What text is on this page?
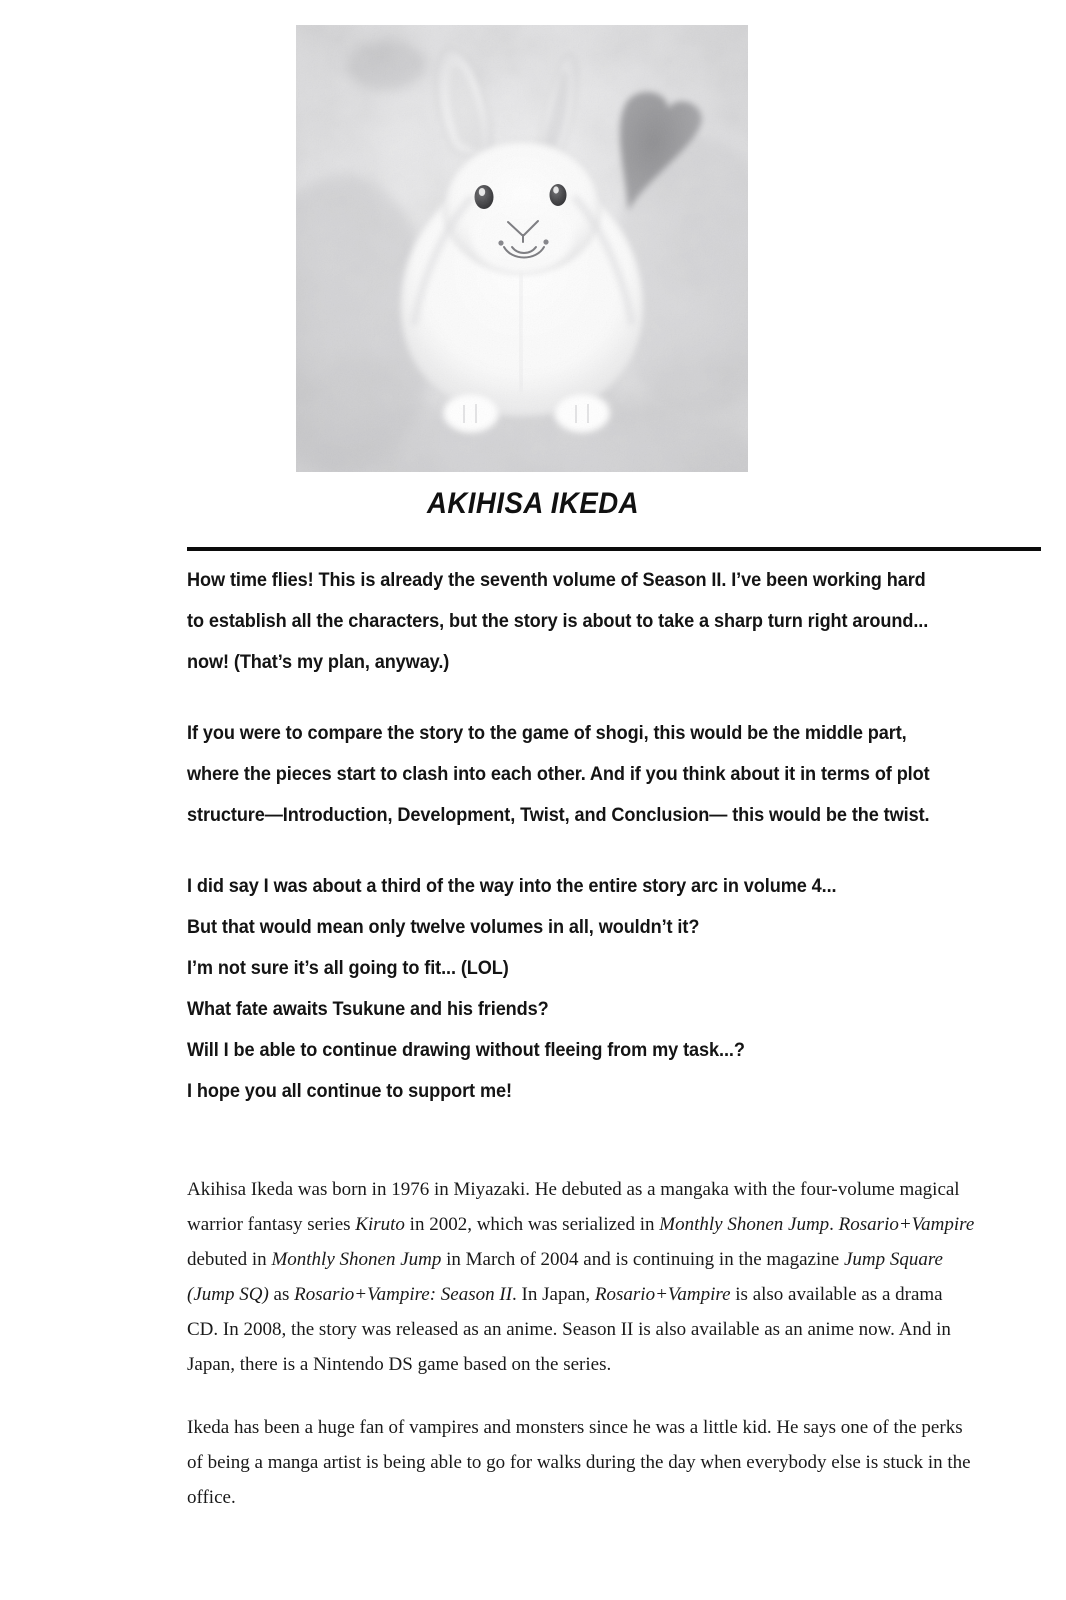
AKIHISA IKEDA

How time flies! This is already the seventh volume of Season II. I’ve been working hard
to establish all the characters, but the story is about to take a sharp turn right around...
now! (That’s my plan, anyway.)

If you were to compare the story to the game of shogi, this would be the middle part,
where the pieces start to clash into each other. And if you think about it in terms of plot
structure—Introduction, Development, Twist, and Conclusion— this would be the twist.

I did say I was about a third of the way into the entire story arc in volume 4...
But that would mean only twelve volumes in all, wouldn’t it?
I’m not sure it’s all going to fit... (LOL)
What fate awaits Tsukune and his friends?
Will I be able to continue drawing without fleeing from my task...?
I hope you all continue to support me!

Akihisa Ikeda was born in 1976 in Miyazaki. He debuted as a mangaka with the four-volume magical warrior fantasy series Kiruto in 2002, which was serialized in Monthly Shonen Jump. Rosario+Vampire debuted in Monthly Shonen Jump in March of 2004 and is continuing in the magazine Jump Square (Jump SQ) as Rosario+Vampire: Season II. In Japan, Rosario+Vampire is also available as a drama CD. In 2008, the story was released as an anime. Season II is also available as an anime now. And in Japan, there is a Nintendo DS game based on the series.

Ikeda has been a huge fan of vampires and monsters since he was a little kid. He says one of the perks of being a manga artist is being able to go for walks during the day when everybody else is stuck in the office.
